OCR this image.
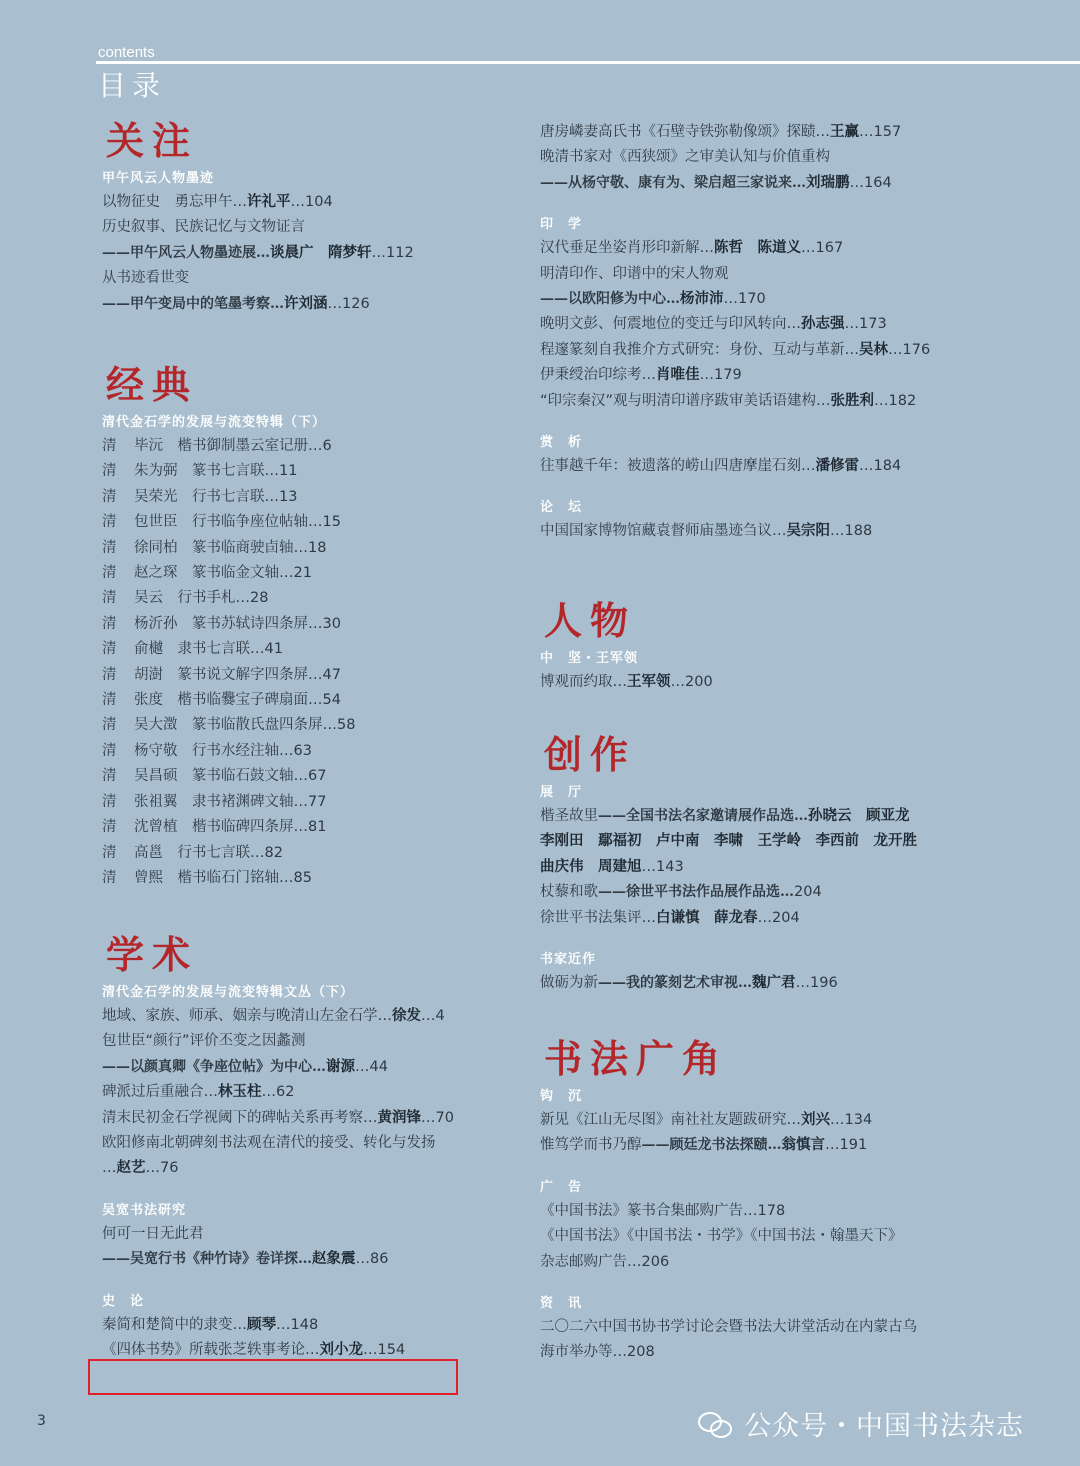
contents
目录
关注
甲午风云人物墨迹
以物征史　勇忘甲午…许礼平…104
历史叙事、民族记忆与文物证言
——甲午风云人物墨迹展…谈晨广　隋梦轩…112
从书迹看世变
——甲午变局中的笔墨考察…许刘涵…126
经典
清代金石学的发展与流变特辑（下）
清 毕沅　楷书御制墨云室记册…6
清 朱为弼　篆书七言联…11
清 吴荣光　行书七言联…13
清 包世臣　行书临争座位帖轴…15
清 徐同柏　篆书临商驶卣轴…18
清 赵之琛　篆书临金文轴…21
清 吴云　行书手札…28
清 杨沂孙　篆书苏轼诗四条屏…30
清 俞樾　隶书七言联…41
清 胡澍　篆书说文解字四条屏…47
清 张度　楷书临爨宝子碑扇面…54
清 吴大澂　篆书临散氏盘四条屏…58
清 杨守敬　行书水经注轴…63
清 吴昌硕　篆书临石鼓文轴…67
清 张祖翼　隶书褚渊碑文轴…77
清 沈曾植　楷书临碑四条屏…81
清 高邕　行书七言联…82
清 曾熙　楷书临石门铭轴…85
学术
清代金石学的发展与流变特辑文丛（下）
地域、家族、师承、姻亲与晚清山左金石学…徐发…4
包世臣“颜行”评价丕变之因蠡测
——以颜真卿《争座位帖》为中心…谢源…44
碑派过后重融合…林玉柱…62
清末民初金石学视阈下的碑帖关系再考察…黄润锋…70
欧阳修南北朝碑刻书法观在清代的接受、转化与发扬
…赵艺…76
吴宽书法研究
何可一日无此君
——吴宽行书《种竹诗》卷详探…赵象震…86
史　论
秦简和楚简中的隶变…顾琴…148
《四体书势》所载张芝轶事考论…刘小龙…154
唐房嶙妻高氏书《石壁寺铁弥勒像颂》探赜…王赢…157
晚清书家对《西狭颂》之审美认知与价值重构
——从杨守敬、康有为、梁启超三家说来…刘瑞鹏…164
印　学
汉代垂足坐姿肖形印新解…陈哲　陈道义…167
明清印作、印谱中的宋人物观
——以欧阳修为中心…杨沛沛…170
晚明文彭、何震地位的变迁与印风转向…孙志强…173
程邃篆刻自我推介方式研究：身份、互动与革新…吴林…176
伊秉绶治印综考…肖唯佳…179
“印宗秦汉”观与明清印谱序跋审美话语建构…张胜利…182
赏　析
往事越千年：被遗落的崂山四唐摩崖石刻…潘修雷…184
论　坛
中国国家博物馆藏袁督师庙墨迹刍议…吴宗阳…188
人物
中　坚・王军领
博观而约取…王军领…200
创作
展　厅
楷圣故里——全国书法名家邀请展作品选…孙晓云　顾亚龙
李刚田　鄢福初　卢中南　李啸　王学岭　李西前　龙开胜
曲庆伟　周建旭…143
杖藜和歌——徐世平书法作品展作品选…204
徐世平书法集评…白谦慎　薛龙春…204
书家近作
做砺为新——我的篆刻艺术审视…魏广君…196
书法广角
钩　沉
新见《江山无尽图》南社社友题跋研究…刘兴…134
惟笃学而书乃醇——顾廷龙书法探赜…翁慎言…191
广　告
《中国书法》篆书合集邮购广告…178
《中国书法》《中国书法・书学》《中国书法・翰墨天下》
杂志邮购广告…206
资　讯
二〇二六中国书协书学讨论会暨书法大讲堂活动在内蒙古乌
海市举办等…208
3	公众号・中国书法杂志
